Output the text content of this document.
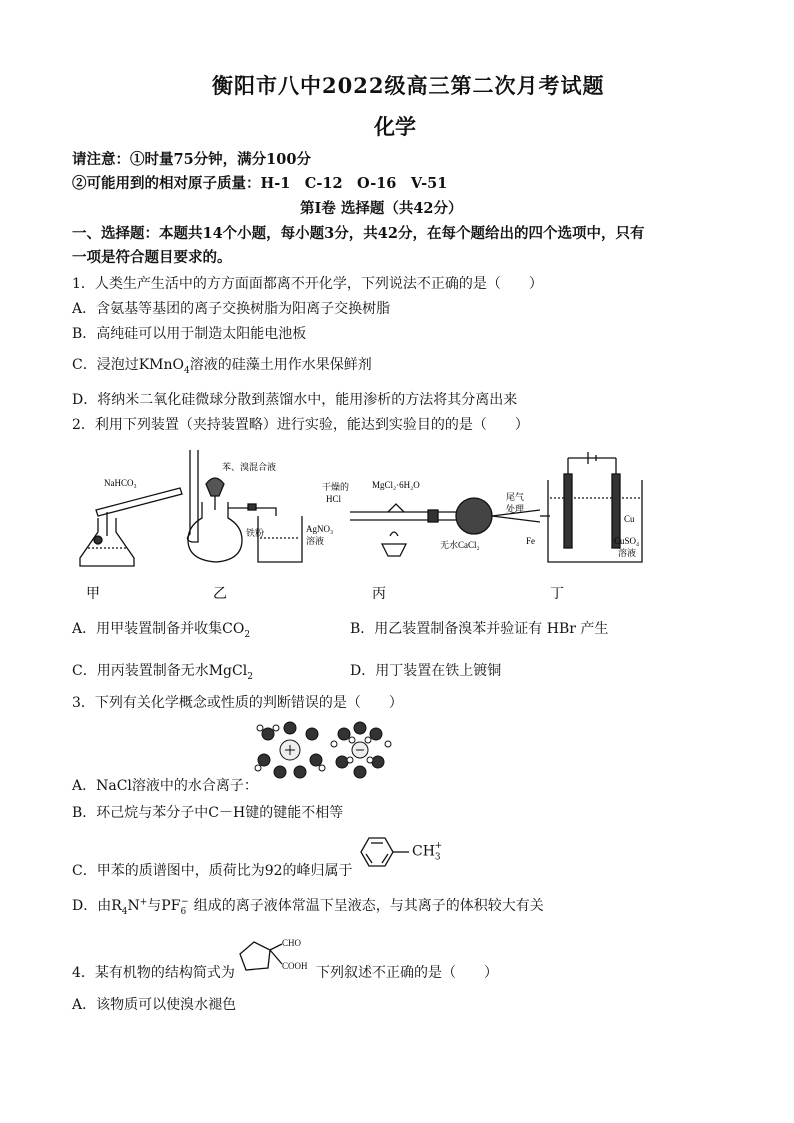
衡阳市八中2022级高三第二次月考试题
化学
请注意：①时量75分钟，满分100分
②可能用到的相对原子质量：H-1　C-12　O-16　V-51
第Ⅰ卷 选择题（共42分）
一、选择题：本题共14个小题，每小题3分，共42分，在每个题给出的四个选项中，只有
一项是符合题目要求的。
1．人类生产生活中的方方面面都离不开化学，下列说法不正确的是（　　）
A．含氨基等基团的离子交换树脂为阳离子交换树脂
B．高纯硅可以用于制造太阳能电池板
C．浸泡过KMnO$_4$溶液的硅藻土用作水果保鲜剂
D．将纳米二氧化硅微球分散到蒸馏水中，能用渗析的方法将其分离出来
2．利用下列装置（夹持装置略）进行实验，能达到实验目的的是（　　）
NaHCO₃
苯、溴混合液
铁粉	AgNO₃
溶液
干燥的
HCl
MgCl₂·6H₂O
尾气
处理
无水CaCl₂
Cu
Fe	CuSO₄
溶液
甲	乙	丙	丁
A．用甲装置制备并收集$CO_2$	B．用乙装置制备溴苯并验证有 HBr 产生
C．用丙装置制备无水MgCl$_2$	D．用丁装置在铁上镀铜
3．下列有关化学概念或性质的判断错误的是（　　）
A．NaCl溶液中的水合离子：
B．环己烷与苯分子中C－H键的键能不相等
$CH_3^+$
C．甲苯的质谱图中，质荷比为92的峰归属于
D．由$R_4N^+$与$PF_6^-$ 组成的离子液体常温下呈液态，与其离子的体积较大有关
CHO
COOH
4．某有机物的结构简式为	下列叙述不正确的是（　　）
A．该物质可以使溴水褪色
